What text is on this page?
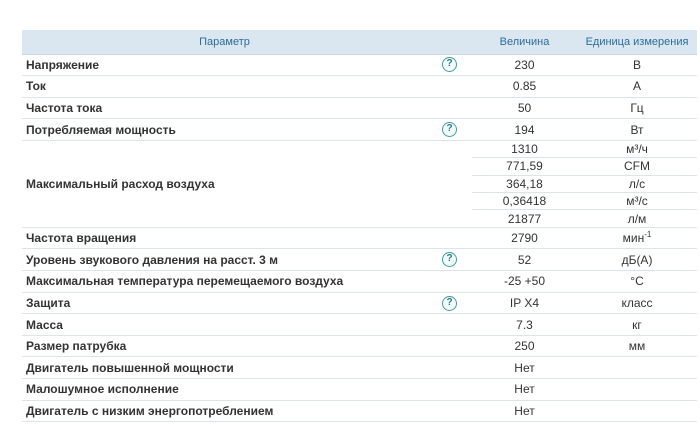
Параметр		Величина	Единица измерения
Напряжение	?	230	В
Ток		0.85	А
Частота тока		50	Гц
Потребляемая мощность	?	194	Вт
Максимальный расход воздуха		1310	м³/ч
		771,59	CFM
		364,18	л/с
		0,36418	м³/с
		21877	л/м
Частота вращения		2790	мин$^{-1}$
Уровень звукового давления на расст. 3 м	?	52	дБ(А)
Максимальная температура перемещаемого воздуха		-25 +50	°С
Защита	?	IP X4	класс
Масса		7.3	кг
Размер патрубка		250	мм
Двигатель повышенной мощности		Нет	
Малошумное исполнение		Нет	
Двигатель с низким энергопотреблением		Нет	
